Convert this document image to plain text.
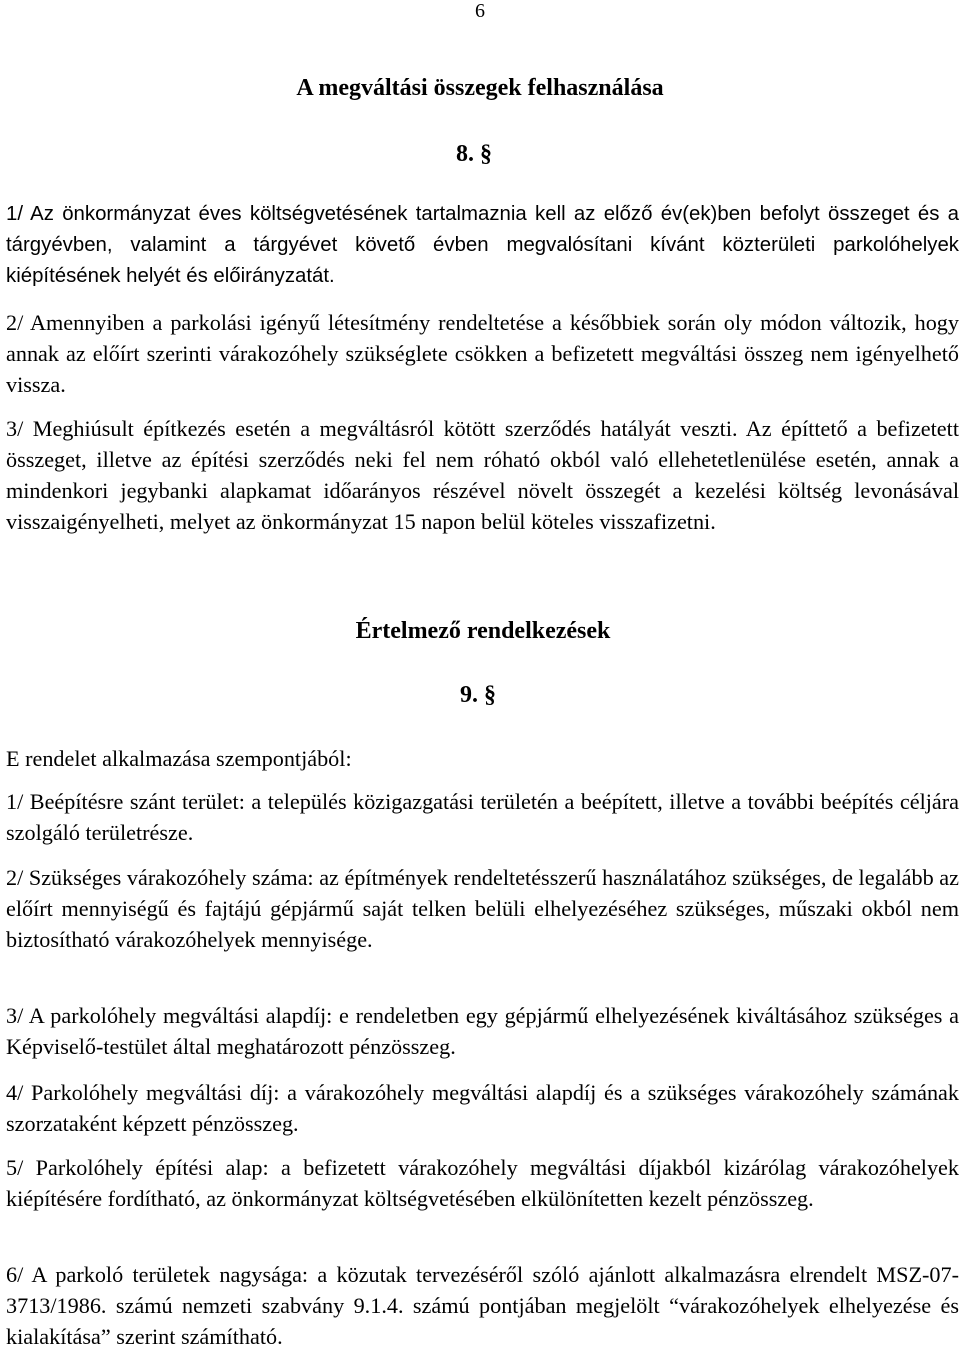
6
A megváltási összegek felhasználása
8. §

1/ Az önkormányzat éves költségvetésének tartalmaznia kell az előző év(ek)ben befolyt összeget és a tárgyévben, valamint a tárgyévet követő évben megvalósítani kívánt közterületi parkolóhelyek kiépítésének helyét és előirányzatát.

2/ Amennyiben a parkolási igényű létesítmény rendeltetése a későbbiek során oly módon változik, hogy annak az előírt szerinti várakozóhely szükséglete csökken a befizetett megváltási összeg nem igényelhető vissza.

3/ Meghiúsult építkezés esetén a megváltásról kötött szerződés hatályát veszti. Az építtető a befizetett összeget, illetve az építési szerződés neki fel nem róható okból való ellehetetlenülése esetén, annak a mindenkori jegybanki alapkamat időarányos részével növelt összegét a kezelési költség levonásával visszaigényelheti, melyet az önkormányzat 15 napon belül köteles visszafizetni.

Értelmező rendelkezések
9. §

E rendelet alkalmazása szempontjából:

1/ Beépítésre szánt terület: a település közigazgatási területén a beépített, illetve a további beépítés céljára szolgáló területrésze.

2/ Szükséges várakozóhely száma: az építmények rendeltetésszerű használatához szükséges, de legalább az előírt mennyiségű és fajtájú gépjármű saját telken belüli elhelyezéséhez szükséges, műszaki okból nem biztosítható várakozóhelyek mennyisége.

3/ A parkolóhely megváltási alapdíj: e rendeletben egy gépjármű elhelyezésének kiváltásához szükséges a Képviselő-testület által meghatározott pénzösszeg.

4/ Parkolóhely megváltási díj: a várakozóhely megváltási alapdíj és a szükséges várakozóhely számának szorzataként képzett pénzösszeg.

5/ Parkolóhely építési alap: a befizetett várakozóhely megváltási díjakból kizárólag várakozóhelyek kiépítésére fordítható, az önkormányzat költségvetésében elkülönítetten kezelt pénzösszeg.

6/ A parkoló területek nagysága: a közutak tervezéséről szóló ajánlott alkalmazásra elrendelt MSZ-07-3713/1986. számú nemzeti szabvány 9.1.4. számú pontjában megjelölt “várakozóhelyek elhelyezése és kialakítása” szerint számítható.
